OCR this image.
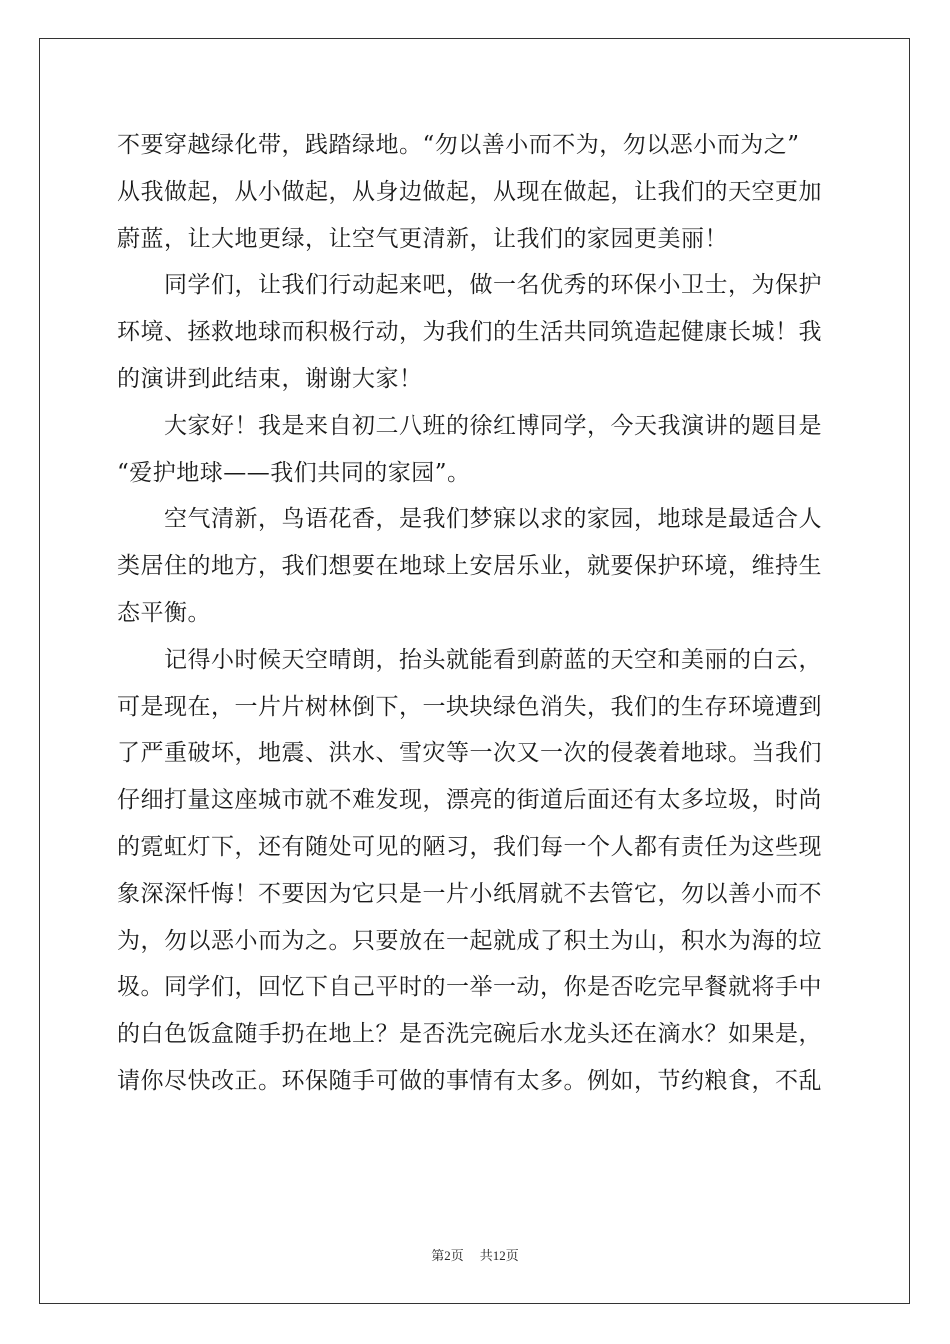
不要穿越绿化带，践踏绿地。“勿以善小而不为，勿以恶小而为之”
从我做起，从小做起，从身边做起，从现在做起，让我们的天空更加
蔚蓝，让大地更绿，让空气更清新，让我们的家园更美丽！
　　同学们，让我们行动起来吧，做一名优秀的环保小卫士，为保护
环境、拯救地球而积极行动，为我们的生活共同筑造起健康长城！我
的演讲到此结束，谢谢大家！
　　大家好！我是来自初二八班的徐红博同学，今天我演讲的题目是
“爱护地球——我们共同的家园”。
　　空气清新，鸟语花香，是我们梦寐以求的家园，地球是最适合人
类居住的地方，我们想要在地球上安居乐业，就要保护环境，维持生
态平衡。
　　记得小时候天空晴朗，抬头就能看到蔚蓝的天空和美丽的白云，
可是现在，一片片树林倒下，一块块绿色消失，我们的生存环境遭到
了严重破坏，地震、洪水、雪灾等一次又一次的侵袭着地球。当我们
仔细打量这座城市就不难发现，漂亮的街道后面还有太多垃圾，时尚
的霓虹灯下，还有随处可见的陋习，我们每一个人都有责任为这些现
象深深忏悔！不要因为它只是一片小纸屑就不去管它，勿以善小而不
为，勿以恶小而为之。只要放在一起就成了积土为山，积水为海的垃
圾。同学们，回忆下自己平时的一举一动，你是否吃完早餐就将手中
的白色饭盒随手扔在地上？是否洗完碗后水龙头还在滴水？如果是，
请你尽快改正。环保随手可做的事情有太多。例如，节约粮食，不乱
第2页 共12页
